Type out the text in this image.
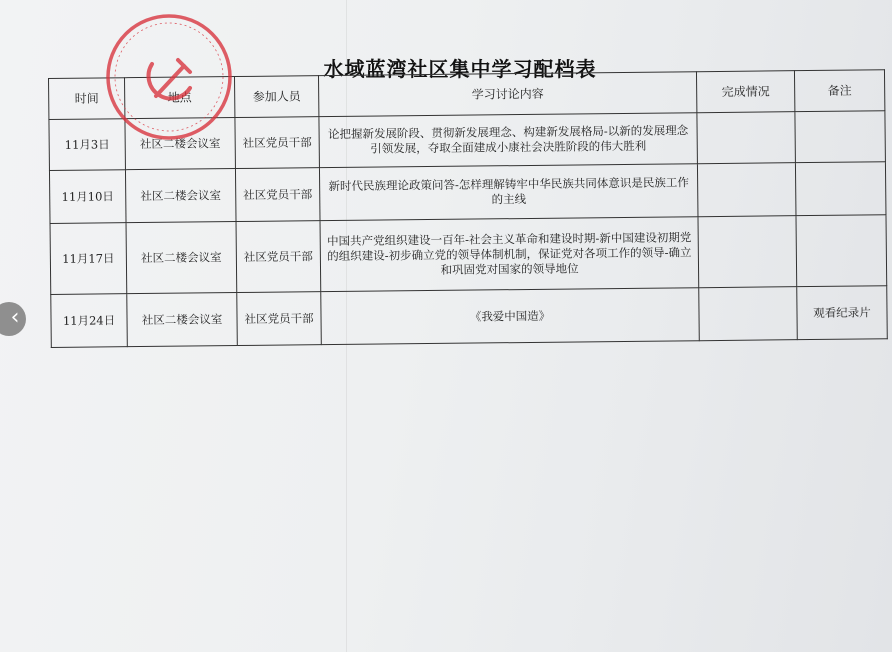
水域蓝湾社区集中学习配档表
时间	地点	参加人员	学习讨论内容	完成情况	备注
11月3日	社区二楼会议室	社区党员干部	论把握新发展阶段、贯彻新发展理念、构建新发展格局-以新的发展理念引领发展，夺取全面建成小康社会决胜阶段的伟大胜利		
11月10日	社区二楼会议室	社区党员干部	新时代民族理论政策问答-怎样理解铸牢中华民族共同体意识是民族工作的主线		
11月17日	社区二楼会议室	社区党员干部	中国共产党组织建设一百年-社会主义革命和建设时期-新中国建设初期党的组织建设-初步确立党的领导体制机制，保证党对各项工作的领导-确立和巩固党对国家的领导地位		
11月24日	社区二楼会议室	社区党员干部	《我爱中国造》		观看纪录片
‹
